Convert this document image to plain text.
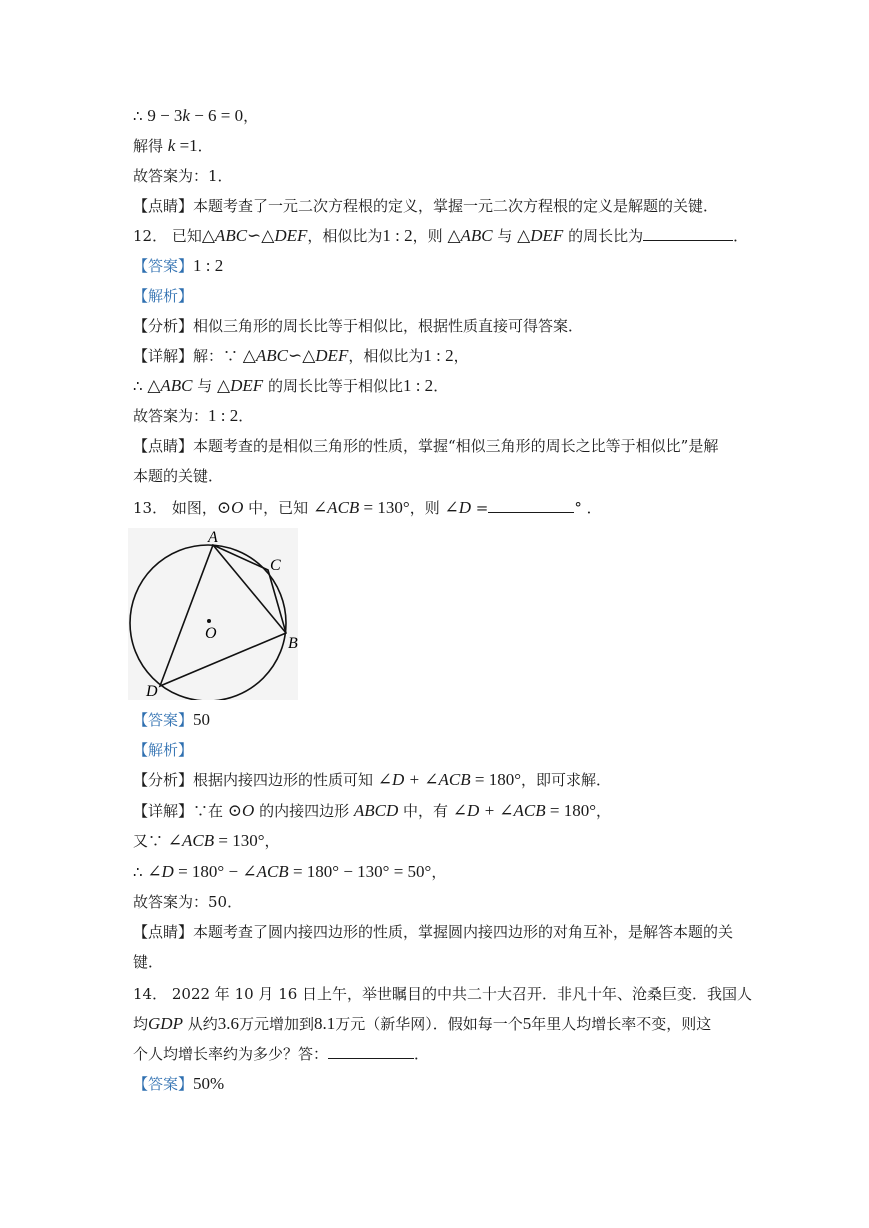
∴ 9 − 3k − 6 = 0，
解得 k =1．
故答案为：1．
【点睛】本题考查了一元二次方程根的定义，掌握一元二次方程根的定义是解题的关键．
12． 已知△ABC∽△DEF，相似比为1 : 2，则 △ABC 与 △DEF 的周长比为	．
【答案】1 : 2
【解析】
【分析】相似三角形的周长比等于相似比，根据性质直接可得答案．
【详解】解：∵ △ABC∽△DEF，相似比为1 : 2，
∴ △ABC 与 △DEF 的周长比等于相似比1 : 2．
故答案为：1 : 2．
【点睛】本题考查的是相似三角形的性质，掌握“相似三角形的周长之比等于相似比”是解
本题的关键．
13． 如图，⊙O 中，已知 ∠ACB = 130°，则 ∠D =	° ．
【答案】50
【解析】
【分析】根据内接四边形的性质可知 ∠D + ∠ACB = 180°，即可求解．
【详解】∵在 ⊙O 的内接四边形 ABCD 中，有 ∠D + ∠ACB = 180°，
又∵ ∠ACB = 130°，
∴ ∠D = 180° − ∠ACB = 180° − 130° = 50°，
故答案为：50．
【点睛】本题考查了圆内接四边形的性质，掌握圆内接四边形的对角互补，是解答本题的关
键．
14． 2022 年 10 月 16 日上午，举世瞩目的中共二十大召开．非凡十年、沧桑巨变．我国人
均GDP 从约3.6万元增加到8.1万元（新华网）．假如每一个5年里人均增长率不变，则这
个人均增长率约为多少？答：	．
【答案】50%
A
C
B
D
O
